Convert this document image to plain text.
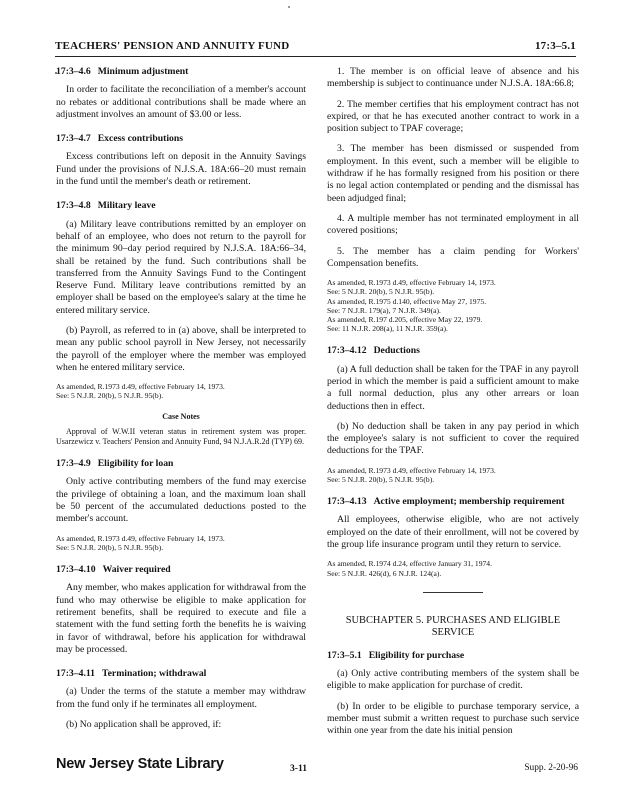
TEACHERS' PENSION AND ANNUITY FUND	17:3–5.1
17:3–4.6 Minimum adjustment

In order to facilitate the reconciliation of a member's account no rebates or additional contributions shall be made where an adjustment involves an amount of $3.00 or less.

17:3–4.7 Excess contributions

Excess contributions left on deposit in the Annuity Savings Fund under the provisions of N.J.S.A. 18A:66–20 must remain in the fund until the member's death or retirement.

17:3–4.8 Military leave

(a) Military leave contributions remitted by an employer on behalf of an employee, who does not return to the payroll for the minimum 90–day period required by N.J.S.A. 18A:66–34, shall be retained by the fund. Such contributions shall be transferred from the Annuity Savings Fund to the Contingent Reserve Fund. Military leave contributions remitted by an employer shall be based on the employee's salary at the time he entered military service.

(b) Payroll, as referred to in (a) above, shall be interpreted to mean any public school payroll in New Jersey, not necessarily the payroll of the employer where the member was employed when he entered military service.

As amended, R.1973 d.49, effective February 14, 1973.
See: 5 N.J.R. 20(b), 5 N.J.R. 95(b).
Case Notes
Approval of W.W.II veteran status in retirement system was proper. Usarzewicz v. Teachers' Pension and Annuity Fund, 94 N.J.A.R.2d (TYP) 69.
17:3–4.9 Eligibility for loan

Only active contributing members of the fund may exercise the privilege of obtaining a loan, and the maximum loan shall be 50 percent of the accumulated deductions posted to the member's account.

As amended, R.1973 d.49, effective February 14, 1973.
See: 5 N.J.R. 20(b), 5 N.J.R. 95(b).
17:3–4.10 Waiver required

Any member, who makes application for withdrawal from the fund who may otherwise be eligible to make application for retirement benefits, shall be required to execute and file a statement with the fund setting forth the benefits he is waiving in favor of withdrawal, before his application for withdrawal may be processed.

17:3–4.11 Termination; withdrawal

(a) Under the terms of the statute a member may withdraw from the fund only if he terminates all employment.

(b) No application shall be approved, if:

1. The member is on official leave of absence and his membership is subject to continuance under N.J.S.A. 18A:66.8;

2. The member certifies that his employment contract has not expired, or that he has executed another contract to work in a position subject to TPAF coverage;

3. The member has been dismissed or suspended from employment. In this event, such a member will be eligible to withdraw if he has formally resigned from his position or there is no legal action contemplated or pending and the dismissal has been adjudged final;

4. A multiple member has not terminated employment in all covered positions;

5. The member has a claim pending for Workers' Compensation benefits.

As amended, R.1973 d.49, effective February 14, 1973.
See: 5 N.J.R. 20(b), 5 N.J.R. 95(b).
As amended, R.1975 d.140, effective May 27, 1975.
See: 7 N.J.R. 179(a), 7 N.J.R. 349(a).
As amended, R.197 d.205, effective May 22, 1979.
See: 11 N.J.R. 208(a), 11 N.J.R. 359(a).
17:3–4.12 Deductions

(a) A full deduction shall be taken for the TPAF in any payroll period in which the member is paid a sufficient amount to make a full normal deduction, plus any other arrears or loan deductions then in effect.

(b) No deduction shall be taken in any pay period in which the employee's salary is not sufficient to cover the required deductions for the TPAF.

As amended, R.1973 d.49, effective February 14, 1973.
See: 5 N.J.R. 20(b), 5 N.J.R. 95(b).
17:3–4.13 Active employment; membership requirement

All employees, otherwise eligible, who are not actively employed on the date of their enrollment, will not be covered by the group life insurance program until they return to service.

As amended, R.1974 d.24, effective January 31, 1974.
See: 5 N.J.R. 426(d), 6 N.J.R. 124(a).
SUBCHAPTER 5. PURCHASES AND ELIGIBLE
SERVICE
17:3–5.1 Eligibility for purchase

(a) Only active contributing members of the system shall be eligible to make application for purchase of credit.

(b) In order to be eligible to purchase temporary service, a member must submit a written request to purchase such service within one year from the date his initial pension

New Jersey State Library	3-11	Supp. 2-20-96
